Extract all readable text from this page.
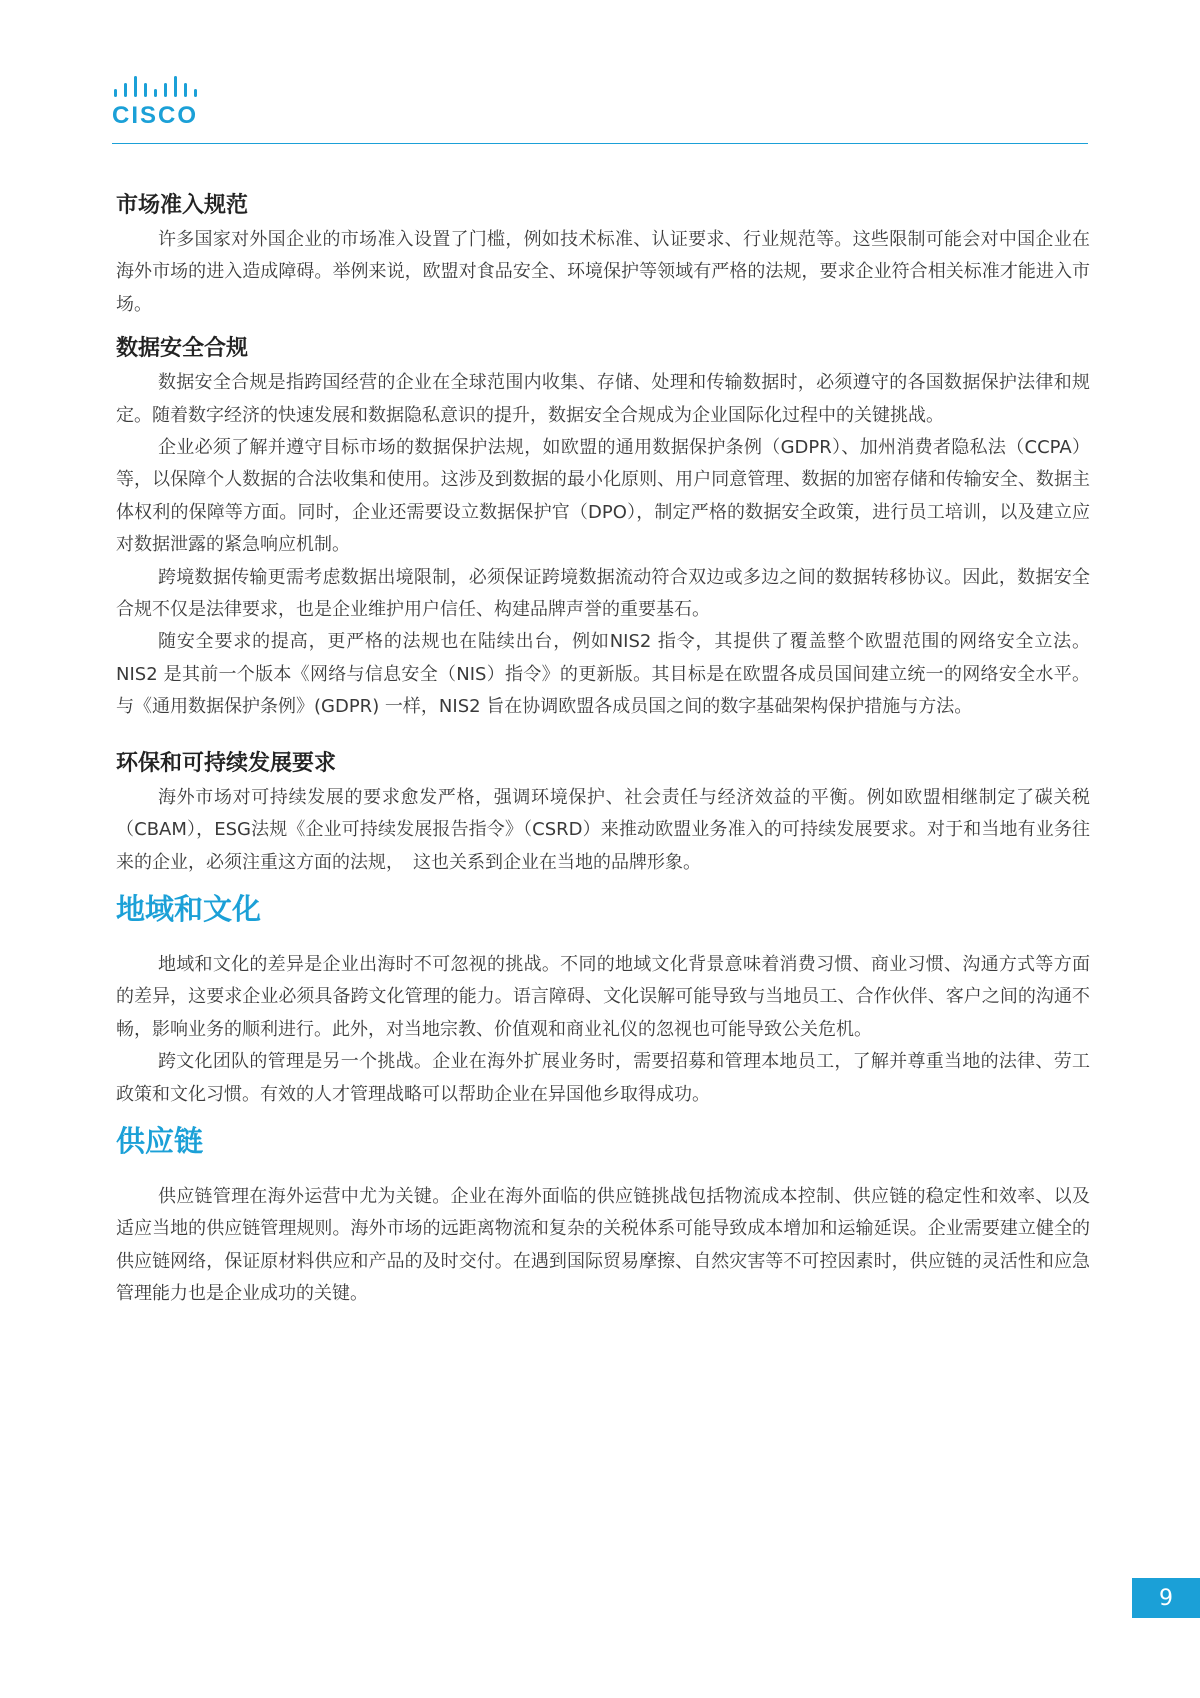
CISCO
市场准入规范

许多国家对外国企业的市场准入设置了门槛，例如技术标准、认证要求、行业规范等。这些限制可能会对中国企业在海外市场的进入造成障碍。举例来说，欧盟对食品安全、环境保护等领域有严格的法规，要求企业符合相关标准才能进入市场。

数据安全合规

数据安全合规是指跨国经营的企业在全球范围内收集、存储、处理和传输数据时，必须遵守的各国数据保护法律和规定。随着数字经济的快速发展和数据隐私意识的提升，数据安全合规成为企业国际化过程中的关键挑战。

企业必须了解并遵守目标市场的数据保护法规，如欧盟的通用数据保护条例（GDPR）、加州消费者隐私法（CCPA）等，以保障个人数据的合法收集和使用。这涉及到数据的最小化原则、用户同意管理、数据的加密存储和传输安全、数据主体权利的保障等方面。同时，企业还需要设立数据保护官（DPO），制定严格的数据安全政策，进行员工培训，以及建立应对数据泄露的紧急响应机制。

跨境数据传输更需考虑数据出境限制，必须保证跨境数据流动符合双边或多边之间的数据转移协议。因此，数据安全合规不仅是法律要求，也是企业维护用户信任、构建品牌声誉的重要基石。

随安全要求的提高，更严格的法规也在陆续出台，例如NIS2 指令，其提供了覆盖整个欧盟范围的网络安全立法。NIS2 是其前一个版本《网络与信息安全（NIS）指令》的更新版。其目标是在欧盟各成员国间建立统一的网络安全水平。与《通用数据保护条例》(GDPR) 一样，NIS2 旨在协调欧盟各成员国之间的数字基础架构保护措施与方法。

环保和可持续发展要求

海外市场对可持续发展的要求愈发严格，强调环境保护、社会责任与经济效益的平衡。例如欧盟相继制定了碳关税（CBAM），ESG法规《企业可持续发展报告指令》（CSRD）来推动欧盟业务准入的可持续发展要求。对于和当地有业务往来的企业，必须注重这方面的法规，　这也关系到企业在当地的品牌形象。

地域和文化

地域和文化的差异是企业出海时不可忽视的挑战。不同的地域文化背景意味着消费习惯、商业习惯、沟通方式等方面的差异，这要求企业必须具备跨文化管理的能力。语言障碍、文化误解可能导致与当地员工、合作伙伴、客户之间的沟通不畅，影响业务的顺利进行。此外，对当地宗教、价值观和商业礼仪的忽视也可能导致公关危机。

跨文化团队的管理是另一个挑战。企业在海外扩展业务时，需要招募和管理本地员工，了解并尊重当地的法律、劳工政策和文化习惯。有效的人才管理战略可以帮助企业在异国他乡取得成功。

供应链

供应链管理在海外运营中尤为关键。企业在海外面临的供应链挑战包括物流成本控制、供应链的稳定性和效率、以及适应当地的供应链管理规则。海外市场的远距离物流和复杂的关税体系可能导致成本增加和运输延误。企业需要建立健全的供应链网络，保证原材料供应和产品的及时交付。在遇到国际贸易摩擦、自然灾害等不可控因素时，供应链的灵活性和应急管理能力也是企业成功的关键。

9
